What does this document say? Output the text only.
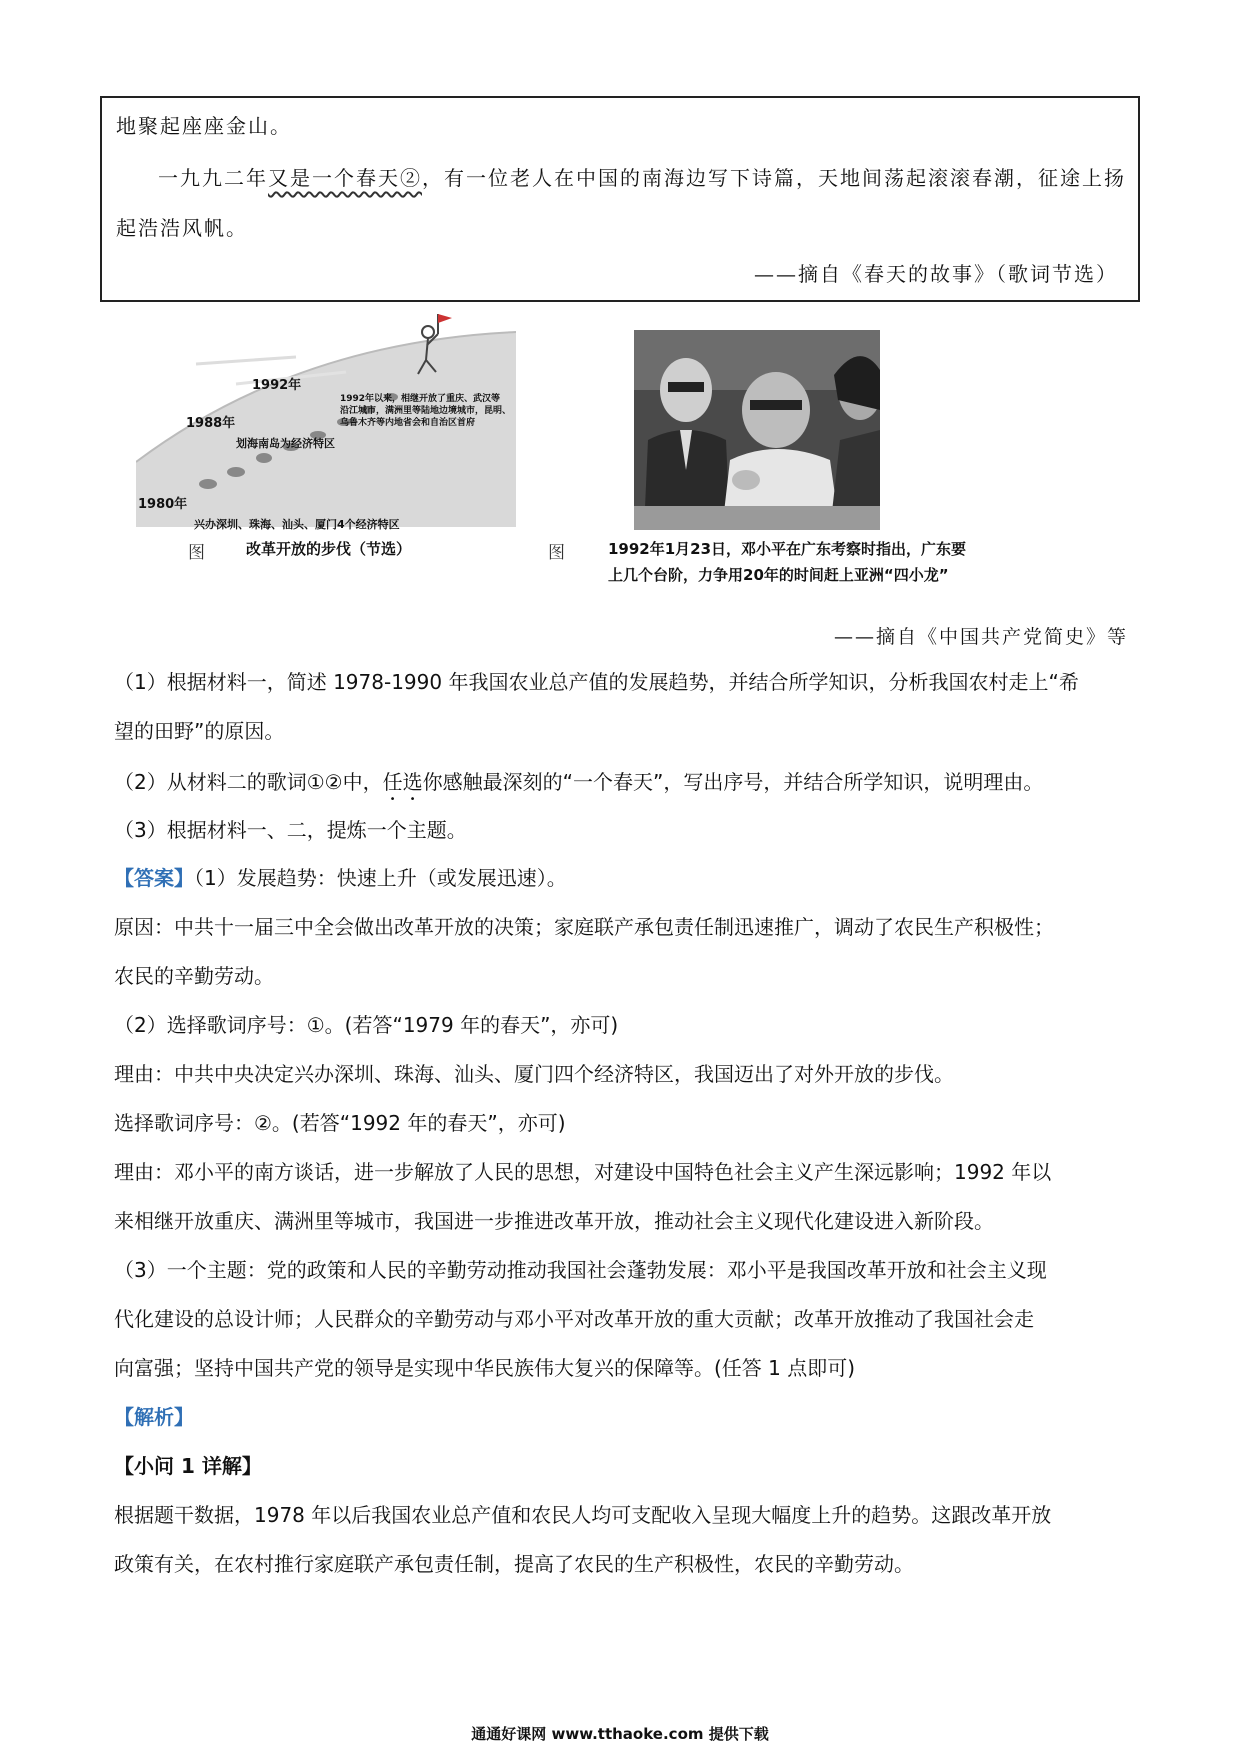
地聚起座座金山。
一九九二年又是一个春天②，有一位老人在中国的南海边写下诗篇，天地间荡起滚滚春潮，征途上扬
起浩浩风帆。
——摘自《春天的故事》（歌词节选）
1980年
兴办深圳、珠海、汕头、厦门4个经济特区
1988年
划海南岛为经济特区
1992年
1992年以来，相继开放了重庆、武汉等
沿江城市，满洲里等陆地边境城市，昆明、
乌鲁木齐等内地省会和自治区首府
图	改革开放的步伐（节选）	图	1992年1月23日，邓小平在广东考察时指出，广东要
上几个台阶，力争用20年的时间赶上亚洲“四小龙”
——摘自《中国共产党简史》等
（1）根据材料一，简述 1978-1990 年我国农业总产值的发展趋势，并结合所学知识，分析我国农村走上“希
望的田野”的原因。
（2）从材料二的歌词①②中，任选你感触最深刻的“一个春天”，写出序号，并结合所学知识，说明理由。
（3）根据材料一、二，提炼一个主题。
【答案】（1）发展趋势：快速上升（或发展迅速）。
原因：中共十一届三中全会做出改革开放的决策；家庭联产承包责任制迅速推广，调动了农民生产积极性；
农民的辛勤劳动。
（2）选择歌词序号：①。(若答“1979 年的春天”，亦可)
理由：中共中央决定兴办深圳、珠海、汕头、厦门四个经济特区，我国迈出了对外开放的步伐。
选择歌词序号：②。(若答“1992 年的春天”，亦可)
理由：邓小平的南方谈话，进一步解放了人民的思想，对建设中国特色社会主义产生深远影响；1992 年以
来相继开放重庆、满洲里等城市，我国进一步推进改革开放，推动社会主义现代化建设进入新阶段。
（3）一个主题：党的政策和人民的辛勤劳动推动我国社会蓬勃发展：邓小平是我国改革开放和社会主义现
代化建设的总设计师；人民群众的辛勤劳动与邓小平对改革开放的重大贡献；改革开放推动了我国社会走
向富强；坚持中国共产党的领导是实现中华民族伟大复兴的保障等。(任答 1 点即可)
【解析】
【小问 1 详解】
根据题干数据，1978 年以后我国农业总产值和农民人均可支配收入呈现大幅度上升的趋势。这跟改革开放
政策有关，在农村推行家庭联产承包责任制，提高了农民的生产积极性，农民的辛勤劳动。
通通好课网 www.tthaoke.com 提供下载
